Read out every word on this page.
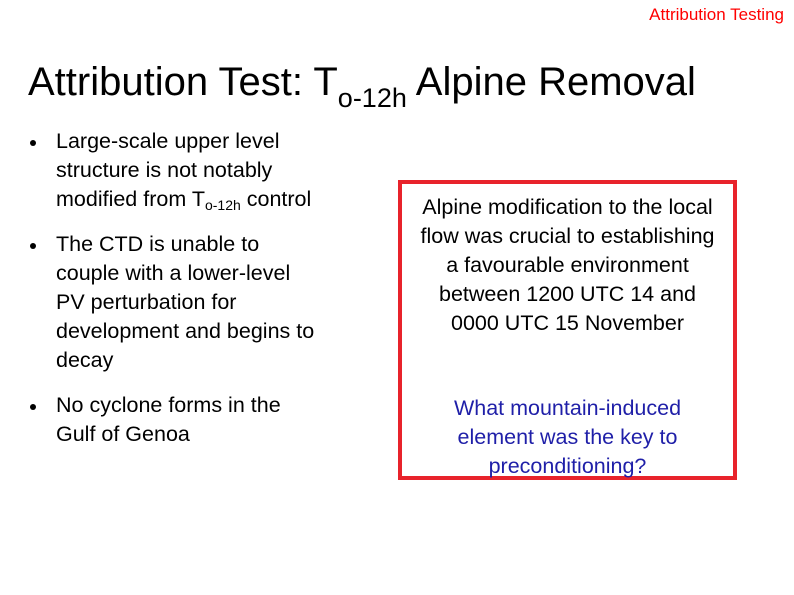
Attribution Testing
Attribution Test: $T_{o-12h}$ Alpine Removal
Large-scale upper level structure is not notably modified from $T_{o-12h}$ control
The CTD is unable to couple with a lower-level PV perturbation for development and begins to decay
No cyclone forms in the Gulf of Genoa
Alpine modification to the local flow was crucial to establishing a favourable environment between 1200 UTC 14 and 0000 UTC 15 November
What mountain-induced element was the key to preconditioning?
